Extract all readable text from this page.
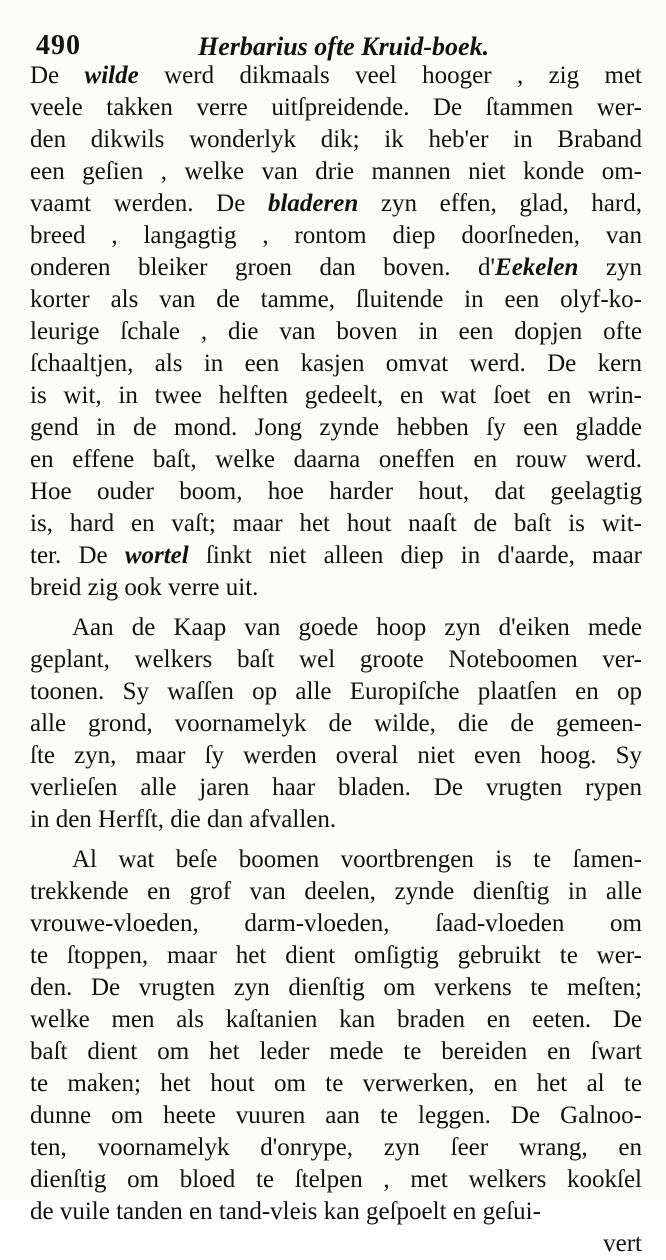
490	Herbarius ofte Kruid-boek.
De wilde werd dikmaals veel hooger , zig met
veele takken verre uitſpreidende. De ſtammen wer-
den dikwils wonderlyk dik; ik heb'er in Braband
een geſien , welke van drie mannen niet konde om-
vaamt werden. De bladeren zyn effen, glad, hard,
breed , langagtig , rontom diep doorſneden, van
onderen bleiker groen dan boven. d'Eekelen zyn
korter als van de tamme, ſluitende in een olyf-ko-
leurige ſchale , die van boven in een dopjen ofte
ſchaaltjen, als in een kasjen omvat werd. De kern
is wit, in twee helften gedeelt, en wat ſoet en wrin-
gend in de mond. Jong zynde hebben ſy een gladde
en effene baſt, welke daarna oneffen en rouw werd.
Hoe ouder boom, hoe harder hout, dat geelagtig
is, hard en vaſt; maar het hout naaſt de baſt is wit-
ter. De wortel ſinkt niet alleen diep in d'aarde, maar
breid zig ook verre uit.
Aan de Kaap van goede hoop zyn d'eiken mede
geplant, welkers baſt wel groote Noteboomen ver-
toonen. Sy waſſen op alle Europiſche plaatſen en op
alle grond, voornamelyk de wilde, die de gemeen-
ſte zyn, maar ſy werden overal niet even hoog. Sy
verlieſen alle jaren haar bladen. De vrugten rypen
in den Herfſt, die dan afvallen.
Al wat beſe boomen voortbrengen is te ſamen-
trekkende en grof van deelen, zynde dienſtig in alle
vrouwe-vloeden, darm-vloeden, ſaad-vloeden om
te ſtoppen, maar het dient omſigtig gebruikt te wer-
den. De vrugten zyn dienſtig om verkens te meſten;
welke men als kaſtanien kan braden en eeten. De
baſt dient om het leder mede te bereiden en ſwart
te maken; het hout om te verwerken, en het al te
dunne om heete vuuren aan te leggen. De Galnoo-
ten, voornamelyk d'onrype, zyn ſeer wrang, en
dienſtig om bloed te ſtelpen , met welkers kookſel
de vuile tanden en tand-vleis kan geſpoelt en geſui-
vert
